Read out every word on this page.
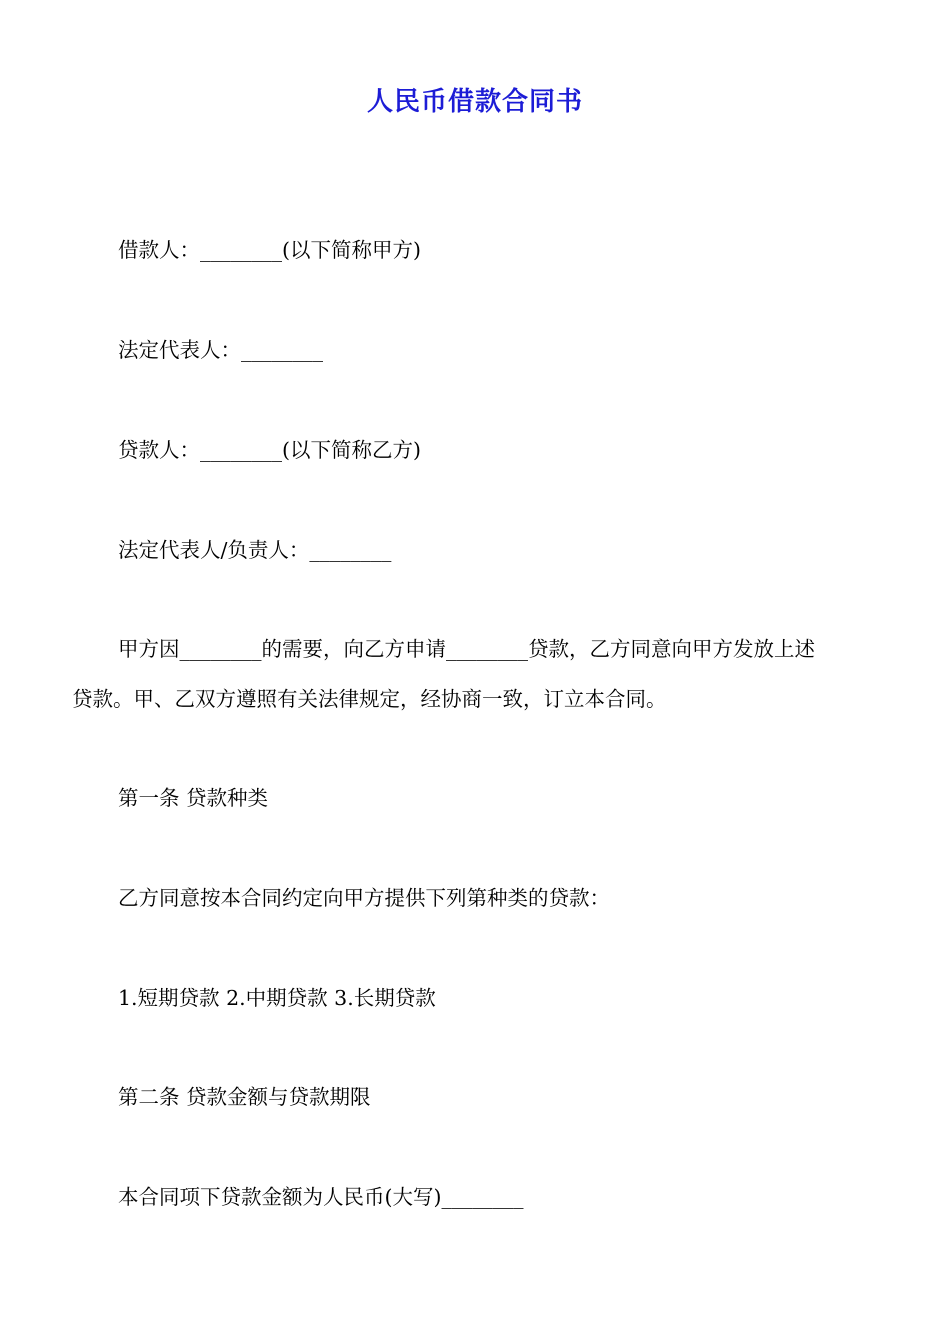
人民币借款合同书
借款人：________(以下简称甲方)
法定代表人：________
贷款人：________(以下简称乙方)
法定代表人/负责人：________
甲方因________的需要，向乙方申请________贷款，乙方同意向甲方发放上述
贷款。甲、乙双方遵照有关法律规定，经协商一致，订立本合同。
第一条 贷款种类
乙方同意按本合同约定向甲方提供下列第种类的贷款：
1.短期贷款 2.中期贷款 3.长期贷款
第二条 贷款金额与贷款期限
本合同项下贷款金额为人民币(大写)________
